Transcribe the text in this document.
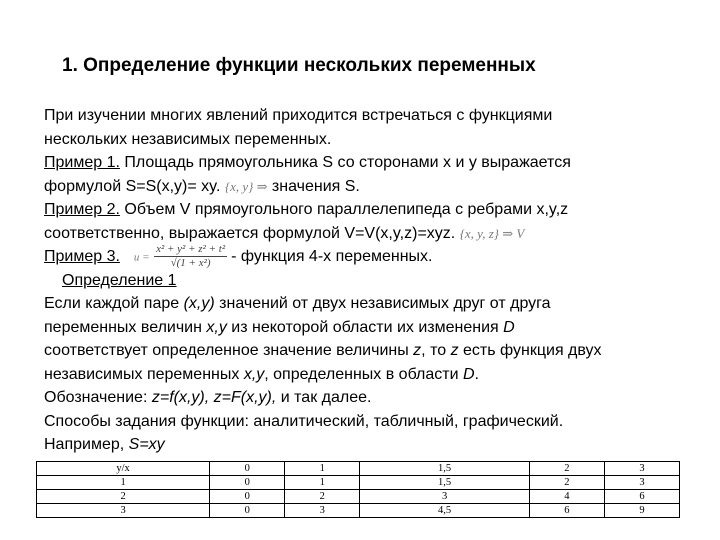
1. Определение функции нескольких переменных
При изучении многих явлений приходится встречаться с функциями
нескольких независимых переменных.
Пример 1. Площадь прямоугольника S со сторонами x и y выражается
формулой S=S(x,y)= xy. {x, y} ⇒ значения S.
Пример 2. Объем V прямоугольного параллелепипеда с ребрами x,y,z
соответственно, выражается формулой V=V(x,y,z)=xyz. {x, y, z} ⇒ V
Пример 3. $u = \frac{\text{x² + y² + z² + t²}}{\text{√(1 + x²)}}$ - функция 4-х переменных.
Определение 1
Если каждой паре (x,y) значений от двух независимых друг от друга
переменных величин x,y из некоторой области их изменения D
соответствует определенное значение величины z, то z есть функция двух
независимых переменных x,y, определенных в области D.
Обозначение: z=f(x,y), z=F(x,y), и так далее.
Способы задания функции: аналитический, табличный, графический.
Например, S=xy
y/x	0	1	1,5	2	3
1	0	1	1,5	2	3
2	0	2	3	4	6
3	0	3	4,5	6	9
